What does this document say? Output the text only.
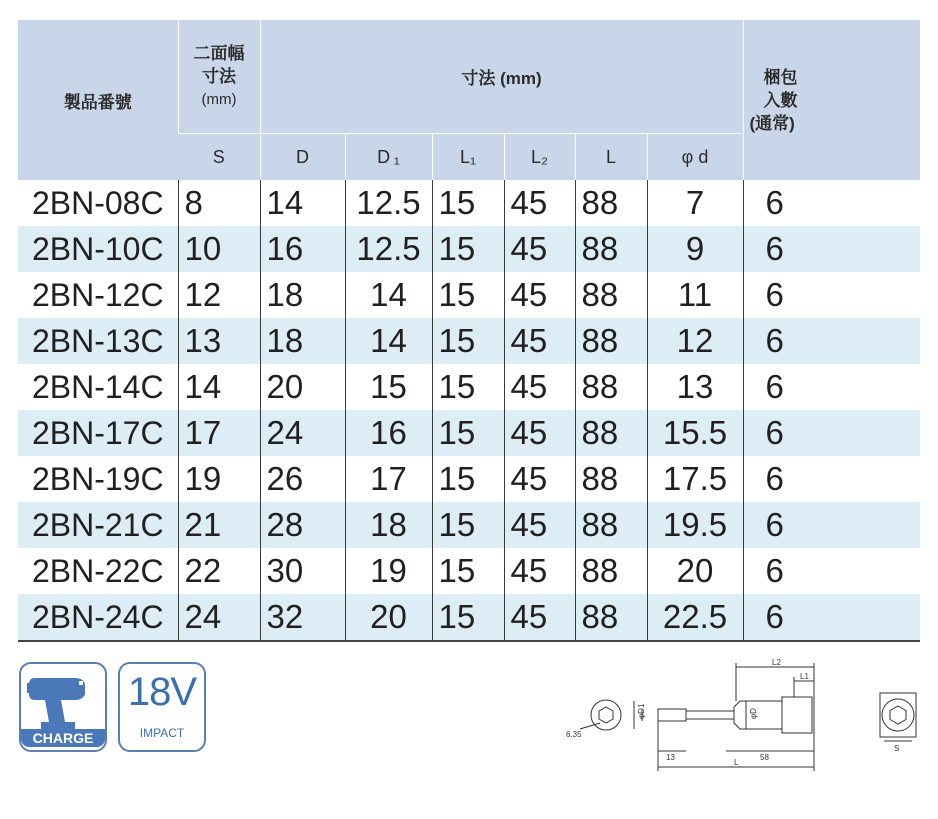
製品番號	二面幅
寸法
(mm)	寸法 (mm)						梱包
入數
(通常)

	S	D	D ₁	L₁	L₂	L	φ d	
2BN-08C	8	14	12.5	15	45	88	7	6
2BN-10C	10	16	12.5	15	45	88	9	6
2BN-12C	12	18	14	15	45	88	11	6
2BN-13C	13	18	14	15	45	88	12	6
2BN-14C	14	20	15	15	45	88	13	6
2BN-17C	17	24	16	15	45	88	15.5	6
2BN-19C	19	26	17	15	45	88	17.5	6
2BN-21C	21	28	18	15	45	88	19.5	6
2BN-22C	22	30	19	15	45	88	20	6
2BN-24C	24	32	20	15	45	88	22.5	6
CHARGE
18V
IMPACT	6.35
φD1	φD
13	58
L
L1
L2
S
